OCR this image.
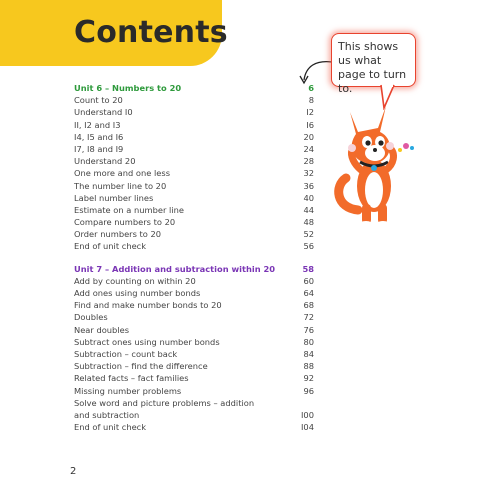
Contents
Unit 6 – Numbers to 20	6
Count to 20	8
Understand I0	I2
II, I2 and I3	I6
I4, I5 and I6	20
I7, I8 and I9	24
Understand 20	28
One more and one less	32
The number line to 20	36
Label number lines	40
Estimate on a number line	44
Compare numbers to 20	48
Order numbers to 20	52
End of unit check	56
Unit 7 – Addition and subtraction within 20	58
Add by counting on within 20	60
Add ones using number bonds	64
Find and make number bonds to 20	68
Doubles	72
Near doubles	76
Subtract ones using number bonds	80
Subtraction – count back	84
Subtraction – find the difference	88
Related facts – fact families	92
Missing number problems	96
Solve word and picture problems – addition
and subtraction	I00
End of unit check	I04
This shows us what page to turn to.
2
